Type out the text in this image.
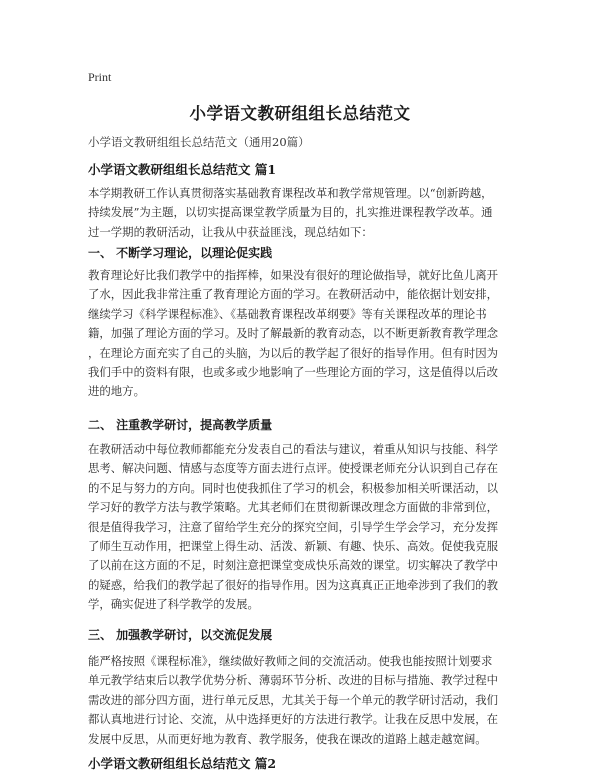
Print
小学语文教研组组长总结范文
小学语文教研组组长总结范文（通用20篇）
小学语文教研组组长总结范文 篇1
本学期教研工作认真贯彻落实基础教育课程改革和教学常规管理。以“创新跨越，
持续发展”为主题，以切实提高课堂教学质量为目的，扎实推进课程教学改革。通
过一学期的教研活动，让我从中获益匪浅，现总结如下：
一、 不断学习理论，以理论促实践
教育理论好比我们教学中的指挥棒，如果没有很好的理论做指导，就好比鱼儿离开
了水，因此我非常注重了教育理论方面的学习。在教研活动中，能依据计划安排，
继续学习《科学课程标准》、《基础教育课程改革纲要》等有关课程改革的理论书
籍，加强了理论方面的学习。及时了解最新的教育动态，以不断更新教育教学理念
，在理论方面充实了自己的头脑，为以后的教学起了很好的指导作用。但有时因为
我们手中的资料有限，也或多或少地影响了一些理论方面的学习，这是值得以后改
进的地方。
二、 注重教学研讨，提高教学质量
在教研活动中每位教师都能充分发表自己的看法与建议，着重从知识与技能、科学
思考、解决问题、情感与态度等方面去进行点评。使授课老师充分认识到自己存在
的不足与努力的方向。同时也使我抓住了学习的机会，积极参加相关听课活动，以
学习好的教学方法与教学策略。尤其老师们在贯彻新课改理念方面做的非常到位，
很是值得我学习，注意了留给学生充分的探究空间，引导学生学会学习，充分发挥
了师生互动作用，把课堂上得生动、活泼、新颖、有趣、快乐、高效。促使我克服
了以前在这方面的不足，时刻注意把课堂变成快乐高效的课堂。切实解决了教学中
的疑惑，给我们的教学起了很好的指导作用。因为这真真正正地牵涉到了我们的教
学，确实促进了科学教学的发展。
三、 加强教学研讨，以交流促发展
能严格按照《课程标准》，继续做好教师之间的交流活动。使我也能按照计划要求
单元教学结束后以教学优势分析、薄弱环节分析、改进的目标与措施、教学过程中
需改进的部分四方面，进行单元反思，尤其关于每一个单元的教学研讨活动，我们
都认真地进行讨论、交流，从中选择更好的方法进行教学。让我在反思中发展，在
发展中反思，从而更好地为教育、教学服务，使我在课改的道路上越走越宽阔。
小学语文教研组组长总结范文 篇2
